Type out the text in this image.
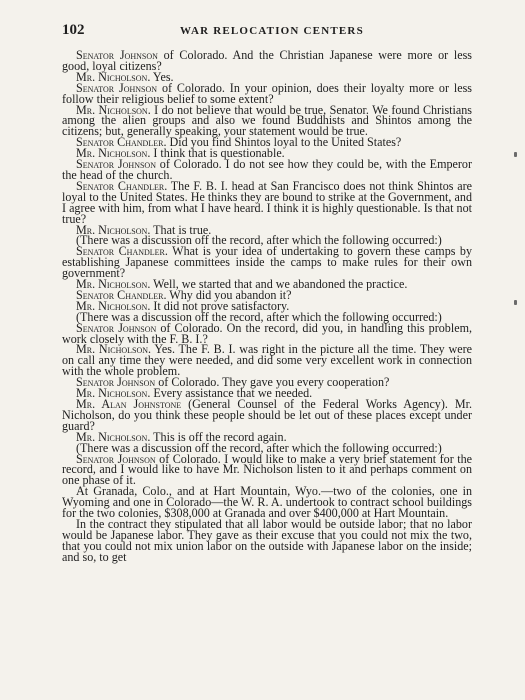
102	WAR RELOCATION CENTERS

Senator Johnson of Colorado. And the Christian Japanese were more or less good, loyal citizens?

Mr. Nicholson. Yes.

Senator Johnson of Colorado. In your opinion, does their loyalty more or less follow their religious belief to some extent?

Mr. Nicholson. I do not believe that would be true, Senator. We found Christians among the alien groups and also we found Buddhists and Shintos among the citizens; but, generally speaking, your statement would be true.

Senator Chandler. Did you find Shintos loyal to the United States?

Mr. Nicholson. I think that is questionable.

Senator Johnson of Colorado. I do not see how they could be, with the Emperor the head of the church.

Senator Chandler. The F. B. I. head at San Francisco does not think Shintos are loyal to the United States. He thinks they are bound to strike at the Government, and I agree with him, from what I have heard. I think it is highly questionable. Is that not true?

Mr. Nicholson. That is true.

(There was a discussion off the record, after which the following occurred:)

Senator Chandler. What is your idea of undertaking to govern these camps by establishing Japanese committees inside the camps to make rules for their own government?

Mr. Nicholson. Well, we started that and we abandoned the practice.

Senator Chandler. Why did you abandon it?

Mr. Nicholson. It did not prove satisfactory.

(There was a discussion off the record, after which the following occurred:)

Senator Johnson of Colorado. On the record, did you, in handling this problem, work closely with the F. B. I.?

Mr. Nicholson. Yes. The F. B. I. was right in the picture all the time. They were on call any time they were needed, and did some very excellent work in connection with the whole problem.

Senator Johnson of Colorado. They gave you every cooperation?

Mr. Nicholson. Every assistance that we needed.

Mr. Alan Johnstone (General Counsel of the Federal Works Agency). Mr. Nicholson, do you think these people should be let out of these places except under guard?

Mr. Nicholson. This is off the record again.

(There was a discussion off the record, after which the following occurred:)

Senator Johnson of Colorado. I would like to make a very brief statement for the record, and I would like to have Mr. Nicholson listen to it and perhaps comment on one phase of it.

At Granada, Colo., and at Hart Mountain, Wyo.—two of the colonies, one in Wyoming and one in Colorado—the W. R. A. undertook to contract school buildings for the two colonies, $308,000 at Granada and over $400,000 at Hart Mountain.

In the contract they stipulated that all labor would be outside labor; that no labor would be Japanese labor. They gave as their excuse that you could not mix the two, that you could not mix union labor on the outside with Japanese labor on the inside; and so, to get
